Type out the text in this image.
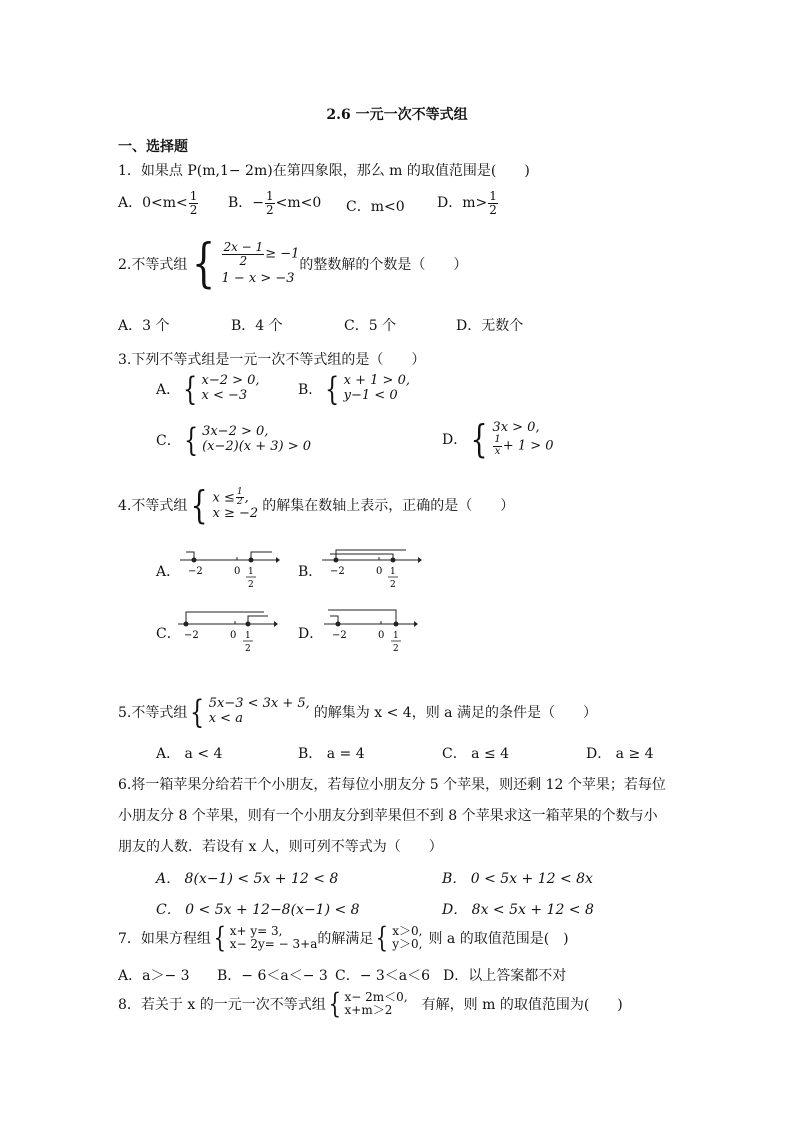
2.6 一元一次不等式组
一、选择题
1．如果点 P(m,1− 2m)在第四象限，那么 m 的取值范围是(　　)
A．$0<m< \frac{1}{2}$ B．− $\frac{1}{2} <m<0$ C．m<0 D．$m> \frac{1}{2}$
2.不等式组 { $\frac{2x - 1}{2} \ge -1$
1 − x > −3
的整数解的个数是（　　）
A．3 个	B．4 个	C．5 个	D．无数个
3.下列不等式组是一元一次不等式组的是（　　）
A． { x−2 > 0,
x < −3	B． { x + 1 > 0,
y−1 < 0
C． { 3x−2 > 0,
(x−2)(x + 3) > 0	D． { 3x > 0,
$\frac{1}{x} + 1 > 0$
4.不等式组 { $x \le \frac{1}{2}$ ,
x ≥ −2 的解集在数轴上表示，正确的是（　　）
A． −2	0 1
2
B． −2	0 1
2
C． −2	0 1
2
D． −2	0 1
2
5.不等式组 { 5x−3 < 3x + 5,
x < a	的解集为 x < 4，则 a 满足的条件是（　　）
A． a < 4	B． a = 4	C． a ≤ 4	D． a ≥ 4
6.将一箱苹果分给若干个小朋友，若每位小朋友分 5 个苹果，则还剩 12 个苹果；若每位
小朋友分 8 个苹果，则有一个小朋友分到苹果但不到 8 个苹果求这一箱苹果的个数与小
朋友的人数．若设有 x 人，则可列不等式为（　　）
A． 8(x−1) < 5x + 12 < 8	B． 0 < 5x + 12 < 8x
C． 0 < 5x + 12−8(x−1) < 8	D． 8x < 5x + 12 < 8
7．如果方程组 { x+ y= 3,
x− 2y= − 3+a 的解满足 { x＞0,
y＞0, 则 a 的取值范围是(　)
A．a＞− 3 B．− 6＜a＜− 3 C．− 3＜a＜6 D．以上答案都不对
8．若关于 x 的一元一次不等式组 { x− 2m＜0,
x+m＞2	有解，则 m 的取值范围为(　　)
